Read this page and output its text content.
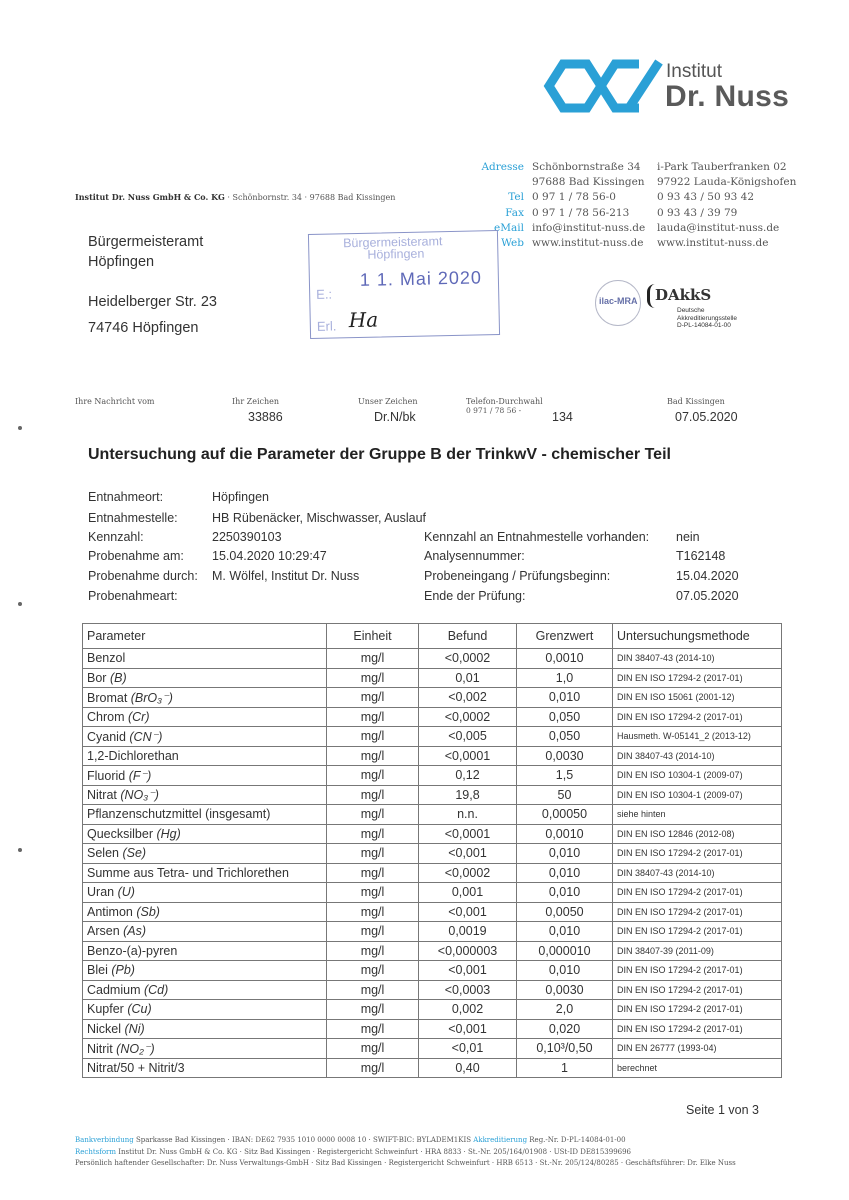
Institut
Dr. Nuss
Adresse Schönbornstraße 34	i-Park Tauberfranken 02
97688 Bad Kissingen	97922 Lauda-Königshofen
Tel 0 97 1 / 78 56-0	0 93 43 / 50 93 42
Fax 0 97 1 / 78 56-213	0 93 43 / 39 79
eMail info@institut-nuss.de	lauda@institut-nuss.de
Web www.institut-nuss.de	www.institut-nuss.de
Institut Dr. Nuss GmbH & Co. KG · Schönbornstr. 34 · 97688 Bad Kissingen
Bürgermeisteramt
Höpfingen
Heidelberger Str. 23
74746 Höpfingen
Bürgermeisteramt
Höpfingen
1 1. Mai 2020
E.:
Erl. Ha
ilac-MRA DAkkS
Deutsche
Akkreditierungsstelle
D-PL-14084-01-00
Ihre Nachricht vom	Ihr Zeichen
33886
Unser Zeichen
Dr.N/bk
Telefon-Durchwahl
0 971 / 78 56 - 134
Bad Kissingen
07.05.2020
Untersuchung auf die Parameter der Gruppe B der TrinkwV - chemischer Teil
Entnahmeort:	Höpfingen
Entnahmestelle:	HB Rübenäcker, Mischwasser, Auslauf
Kennzahl:	2250390103
Probenahme am: 15.04.2020 10:29:47
Probenahme durch: M. Wölfel, Institut Dr. Nuss
Probenahmeart:
Kennzahl an Entnahmestelle vorhanden: nein
Analysennummer:	T162148
Probeneingang / Prüfungsbeginn:	15.04.2020
Ende der Prüfung:	07.05.2020
Parameter	Einheit	Befund	Grenzwert	Untersuchungsmethode
Benzol	mg/l	<0,0002	0,0010	DIN 38407-43 (2014-10)
Bor (B)	mg/l	0,01	1,0	DIN EN ISO 17294-2 (2017-01)
Bromat (BrO₃⁻)	mg/l	<0,002	0,010	DIN EN ISO 15061 (2001-12)
Chrom (Cr)	mg/l	<0,0002	0,050	DIN EN ISO 17294-2 (2017-01)
Cyanid (CN⁻)	mg/l	<0,005	0,050	Hausmeth. W-05141_2 (2013-12)
1,2-Dichlorethan	mg/l	<0,0001	0,0030	DIN 38407-43 (2014-10)
Fluorid (F⁻)	mg/l	0,12	1,5	DIN EN ISO 10304-1 (2009-07)
Nitrat (NO₃⁻)	mg/l	19,8	50	DIN EN ISO 10304-1 (2009-07)
Pflanzenschutzmittel (insgesamt)	mg/l	n.n.	0,00050	siehe hinten
Quecksilber (Hg)	mg/l	<0,0001	0,0010	DIN EN ISO 12846 (2012-08)
Selen (Se)	mg/l	<0,001	0,010	DIN EN ISO 17294-2 (2017-01)
Summe aus Tetra- und Trichlorethen	mg/l	<0,0002	0,010	DIN 38407-43 (2014-10)
Uran (U)	mg/l	0,001	0,010	DIN EN ISO 17294-2 (2017-01)
Antimon (Sb)	mg/l	<0,001	0,0050	DIN EN ISO 17294-2 (2017-01)
Arsen (As)	mg/l	0,0019	0,010	DIN EN ISO 17294-2 (2017-01)
Benzo-(a)-pyren	mg/l	<0,000003	0,000010	DIN 38407-39 (2011-09)
Blei (Pb)	mg/l	<0,001	0,010	DIN EN ISO 17294-2 (2017-01)
Cadmium (Cd)	mg/l	<0,0003	0,0030	DIN EN ISO 17294-2 (2017-01)
Kupfer (Cu)	mg/l	0,002	2,0	DIN EN ISO 17294-2 (2017-01)
Nickel (Ni)	mg/l	<0,001	0,020	DIN EN ISO 17294-2 (2017-01)
Nitrit (NO₂⁻)	mg/l	<0,01	0,10³/0,50	DIN EN 26777 (1993-04)
Nitrat/50 + Nitrit/3	mg/l	0,40	1	berechnet
Seite 1 von 3
Bankverbindung Sparkasse Bad Kissingen · IBAN: DE62 7935 1010 0000 0008 10 · SWIFT-BIC: BYLADEM1KIS Akkreditierung Reg.-Nr. D-PL-14084-01-00
Rechtsform Institut Dr. Nuss GmbH & Co. KG · Sitz Bad Kissingen · Registergericht Schweinfurt · HRA 8833 · St.-Nr. 205/164/01908 · USt-ID DE815399696
Persönlich haftender Gesellschafter: Dr. Nuss Verwaltungs-GmbH · Sitz Bad Kissingen · Registergericht Schweinfurt · HRB 6513 · St.-Nr. 205/124/80285 · Geschäftsführer: Dr. Elke Nuss
